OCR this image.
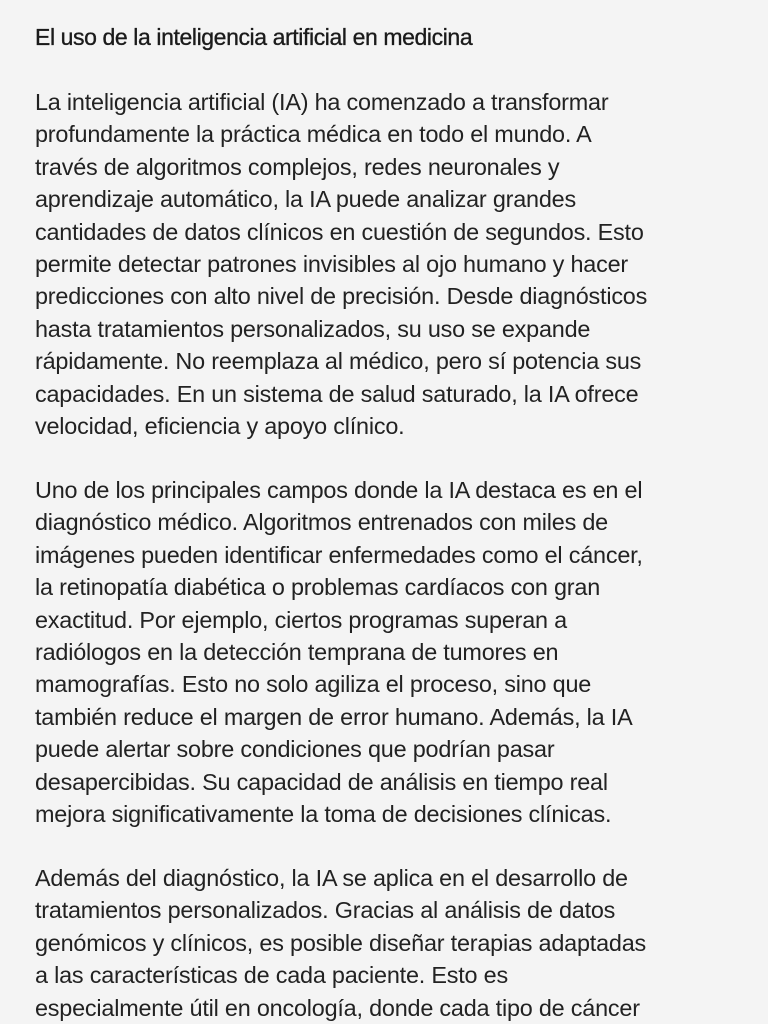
El uso de la inteligencia artificial en medicina
La inteligencia artificial (IA) ha comenzado a transformar
profundamente la práctica médica en todo el mundo. A
través de algoritmos complejos, redes neuronales y
aprendizaje automático, la IA puede analizar grandes
cantidades de datos clínicos en cuestión de segundos. Esto
permite detectar patrones invisibles al ojo humano y hacer
predicciones con alto nivel de precisión. Desde diagnósticos
hasta tratamientos personalizados, su uso se expande
rápidamente. No reemplaza al médico, pero sí potencia sus
capacidades. En un sistema de salud saturado, la IA ofrece
velocidad, eficiencia y apoyo clínico.
Uno de los principales campos donde la IA destaca es en el
diagnóstico médico. Algoritmos entrenados con miles de
imágenes pueden identificar enfermedades como el cáncer,
la retinopatía diabética o problemas cardíacos con gran
exactitud. Por ejemplo, ciertos programas superan a
radiólogos en la detección temprana de tumores en
mamografías. Esto no solo agiliza el proceso, sino que
también reduce el margen de error humano. Además, la IA
puede alertar sobre condiciones que podrían pasar
desapercibidas. Su capacidad de análisis en tiempo real
mejora significativamente la toma de decisiones clínicas.
Además del diagnóstico, la IA se aplica en el desarrollo de
tratamientos personalizados. Gracias al análisis de datos
genómicos y clínicos, es posible diseñar terapias adaptadas
a las características de cada paciente. Esto es
especialmente útil en oncología, donde cada tipo de cáncer
